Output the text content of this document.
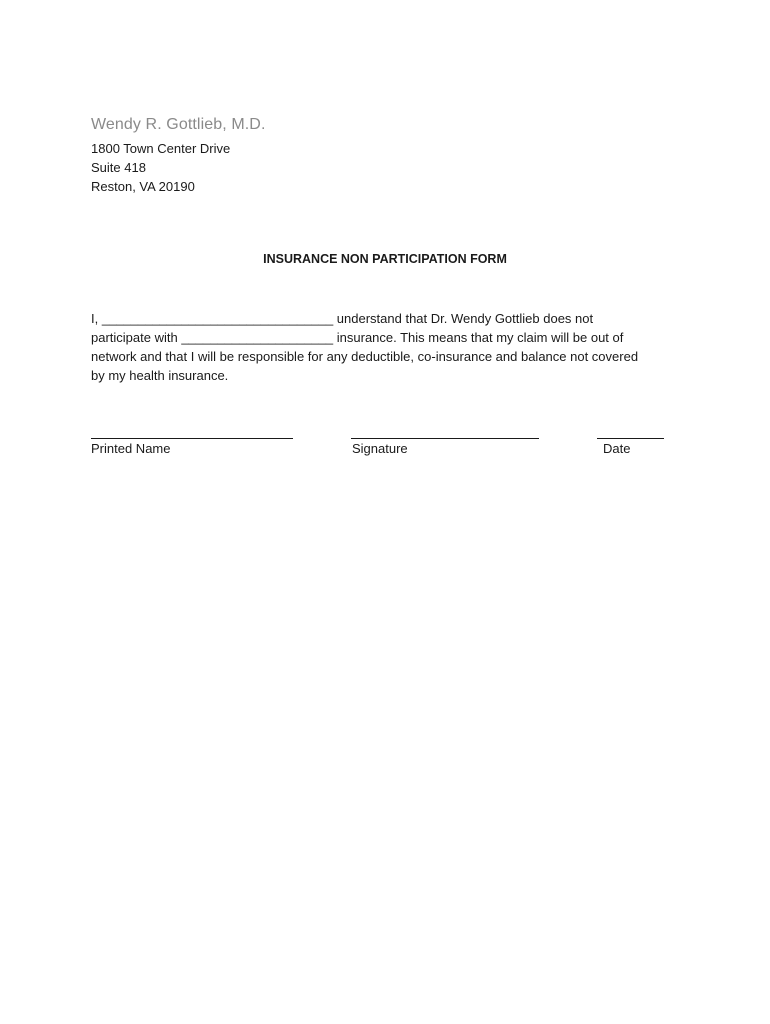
Wendy R. Gottlieb, M.D.
1800 Town Center Drive
Suite 418
Reston, VA 20190
INSURANCE NON PARTICIPATION FORM
I, ________________________________ understand that Dr. Wendy Gottlieb does not
participate with _____________________ insurance. This means that my claim will be out of
network and that I will be responsible for any deductible, co-insurance and balance not covered
by my health insurance.
Printed Name	Signature	Date
